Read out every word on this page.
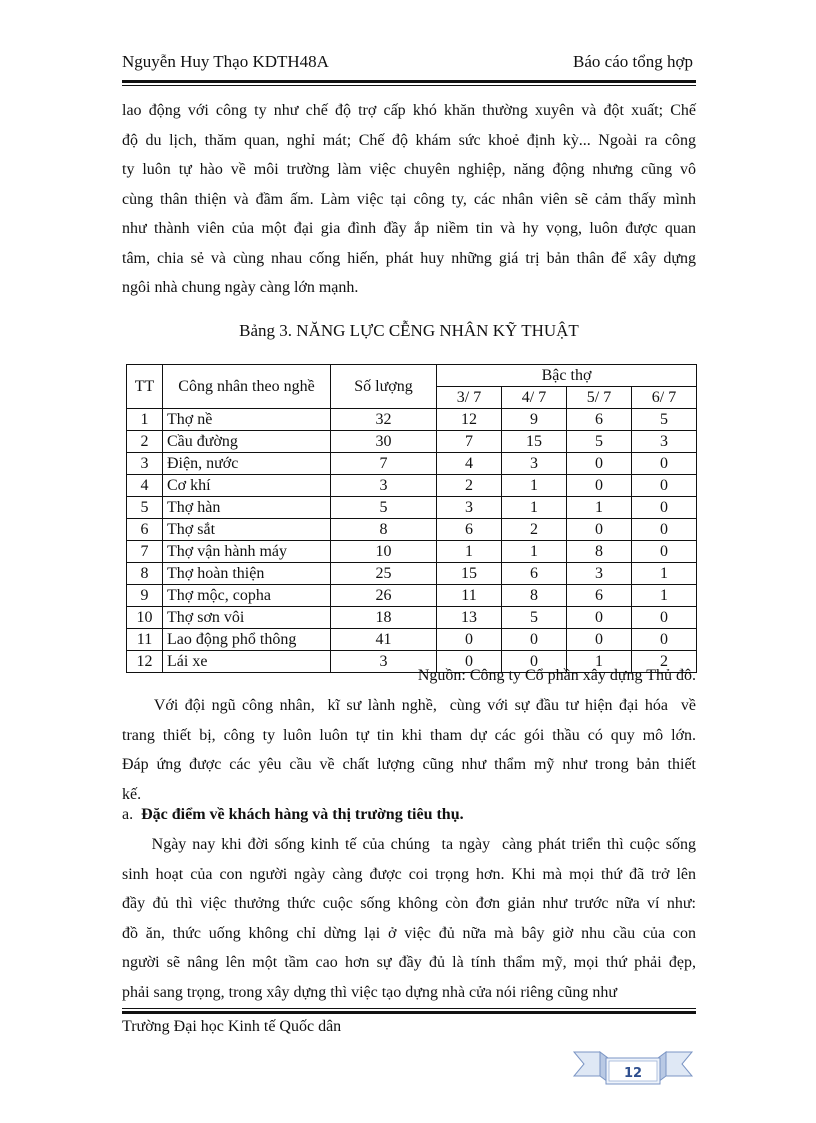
Nguyễn Huy Thạo KDTH48A	Báo cáo tổng hợp
lao động với công ty như chế độ trợ cấp khó khăn thường xuyên và đột xuất; Chế
độ du lịch, thăm quan, nghỉ mát; Chế độ khám sức khoẻ định kỳ... Ngoài ra công
ty luôn tự hào về môi trường làm việc chuyên nghiệp, năng động nhưng cũng vô
cùng thân thiện và đầm ấm. Làm việc tại công ty, các nhân viên sẽ cảm thấy mình
như thành viên của một đại gia đình đầy ắp niềm tin và hy vọng, luôn được quan
tâm, chia sẻ và cùng nhau cống hiến, phát huy những giá trị bản thân để xây dựng
ngôi nhà chung ngày càng lớn mạnh.
Bảng 3. NĂNG LỰC CỄNG NHÂN KỸ THUẬT
TT	Công nhân theo nghề	Số lượng	Bậc thợ			
			3/ 7	4/ 7	5/ 7	6/ 7
1	Thợ nề	32	12	9	6	5
2	Cầu đường	30	7	15	5	3
3	Điện, nước	7	4	3	0	0
4	Cơ khí	3	2	1	0	0
5	Thợ hàn	5	3	1	1	0
6	Thợ sắt	8	6	2	0	0
7	Thợ vận hành máy	10	1	1	8	0
8	Thợ hoàn thiện	25	15	6	3	1
9	Thợ mộc, copha	26	11	8	6	1
10	Thợ sơn vôi	18	13	5	0	0
11	Lao động phổ thông	41	0	0	0	0
12	Lái xe	3	0	0	1	2
Nguồn: Công ty Cổ phần xây dựng Thủ đô.
Với đội ngũ công nhân,  kĩ sư lành nghề,  cùng với sự đầu tư hiện đại hóa  về
trang thiết bị, công ty luôn luôn tự tin khi tham dự các gói thầu có quy mô lớn.
Đáp ứng được các yêu cầu về chất lượng cũng như thẩm mỹ như trong bản thiết
kế.
a. Đặc điểm về khách hàng và thị trường tiêu thụ.
Ngày nay khi đời sống kinh tế của chúng  ta ngày  càng phát triển thì cuộc sống
sinh hoạt của con người ngày càng được coi trọng hơn. Khi mà mọi thứ đã trở lên
đầy đủ thì việc thưởng thức cuộc sống không còn đơn giản như trước nữa ví như:
đồ ăn, thức uống không chỉ dừng lại ở việc đủ nữa mà bây giờ nhu cầu của con
người sẽ nâng lên một tầm cao hơn sự đầy đủ là tính thẩm mỹ, mọi thứ phải đẹp,
phải sang trọng, trong xây dựng thì việc tạo dựng nhà cửa nói riêng cũng như
Trường Đại học Kinh tế Quốc dân
12
